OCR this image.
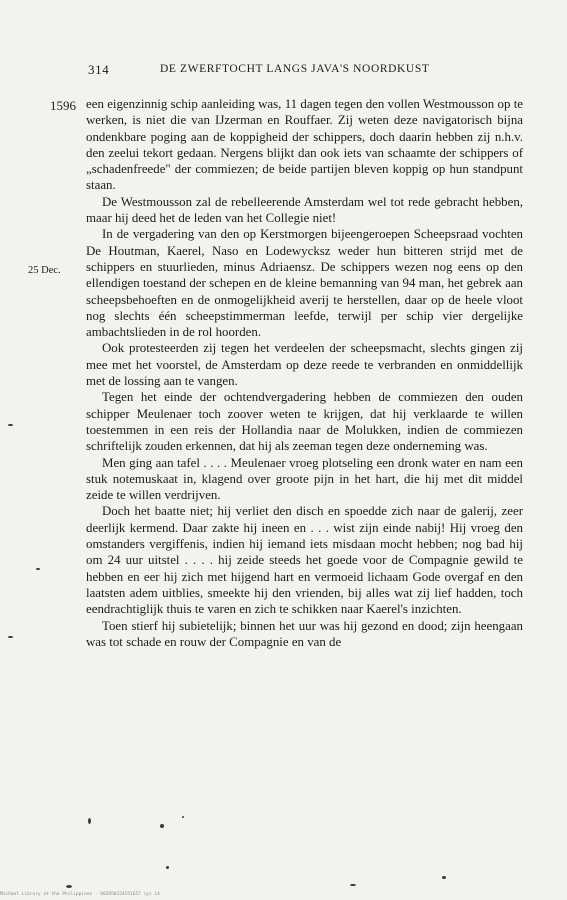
314	DE ZWERFTOCHT LANGS JAVA'S NOORDKUST
1596
25 Dec.

een eigenzinnig schip aanleiding was, 11 dagen tegen den vollen Westmousson op te werken, is niet die van IJzerman en Rouffaer. Zij weten deze navigatorisch bijna ondenkbare poging aan de koppigheid der schippers, doch daarin hebben zij n.h.v. den zeelui tekort gedaan. Nergens blijkt dan ook iets van schaamte der schippers of „schadenfreede" der commiezen; de beide partijen bleven koppig op hun standpunt staan.

De Westmousson zal de rebelleerende Amsterdam wel tot rede gebracht hebben, maar hij deed het de leden van het Collegie niet!

In de vergadering van den op Kerstmorgen bijeengeroepen Scheepsraad vochten De Houtman, Kaerel, Naso en Lodewycksz weder hun bitteren strijd met de schippers en stuurlieden, minus Adriaensz. De schippers wezen nog eens op den ellendigen toestand der schepen en de kleine bemanning van 94 man, het gebrek aan scheepsbehoeften en de onmogelijkheid averij te herstellen, daar op de heele vloot nog slechts één scheepstimmerman leefde, terwijl per schip vier dergelijke ambachtslieden in de rol hoorden.

Ook protesteerden zij tegen het verdeelen der scheepsmacht, slechts gingen zij mee met het voorstel, de Amsterdam op deze reede te verbranden en onmiddellijk met de lossing aan te vangen.

Tegen het einde der ochtendvergadering hebben de commiezen den ouden schipper Meulenaer toch zoover weten te krijgen, dat hij verklaarde te willen toestemmen in een reis der Hollandia naar de Molukken, indien de commiezen schriftelijk zouden erkennen, dat hij als zeeman tegen deze onderneming was.

Men ging aan tafel . . . . Meulenaer vroeg plotseling een dronk water en nam een stuk notemuskaat in, klagend over groote pijn in het hart, die hij met dit middel zeide te willen verdrijven.

Doch het baatte niet; hij verliet den disch en spoedde zich naar de galerij, zeer deerlijk kermend. Daar zakte hij ineen en . . . wist zijn einde nabij! Hij vroeg den omstanders vergiffenis, indien hij iemand iets misdaan mocht hebben; nog bad hij om 24 uur uitstel . . . . hij zeide steeds het goede voor de Compagnie gewild te hebben en eer hij zich met hijgend hart en vermoeid lichaam Gode overgaf en den laatsten adem uitblies, smeekte hij den vrienden, bij alles wat zij lief hadden, toch eendrachtiglijk thuis te varen en zich te schikken naar Kaerel's inzichten.

Toen stierf hij subietelijk; binnen het uur was hij gezond en dood; zijn heengaan was tot schade en rouw der Compagnie en van de

Michael Library at the Philippines · 002050154551657 (p) 14
